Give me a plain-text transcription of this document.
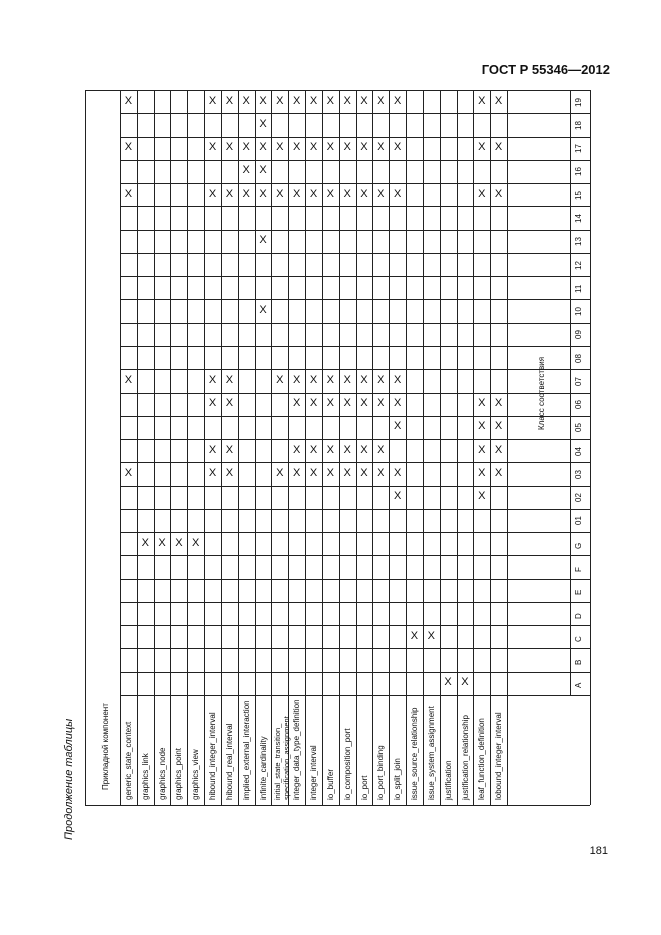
ГОСТ Р 55346—2012
Продолжение таблицы	Прикладной компонент
Класс соответствия
A
B
C
D
E
F
G
01
02
03
04
05
06
07
08
09
10
11
12
13
14
15
16
17
18
19
generic_state_context
X
X
X
X
X
graphics_link
X
graphics_node
X
graphics_point
X
graphics_view
X
hibound_integer_interval
X
X
X
X
X
X
X
hibound_real_interval
X
X
X
X
X
X
X
implied_external_interaction
X
X
X
X
infinite_cardinality
X
X
X
X
X
X
X
initial_state_transition_
specification_assignment
X
X
X
X
X
integer_data_type_definition
X
X
X
X
X
X
X
integer_interval
X
X
X
X
X
X
X
io_buffer
X
X
X
X
X
X
X
io_composition_port
X
X
X
X
X
X
X
io_port
X
X
X
X
X
X
X
io_port_binding
X
X
X
X
X
X
X
io_split_join
X
X
X
X
X
X
X
X
issue_source_relationship
X
issue_system_assignment
X
justification
X
justification_relationship
X
leaf_function_definition
X
X
X
X
X
X
X
X
lobound_integer_interval
X
X
X
X
X
X
X
181
